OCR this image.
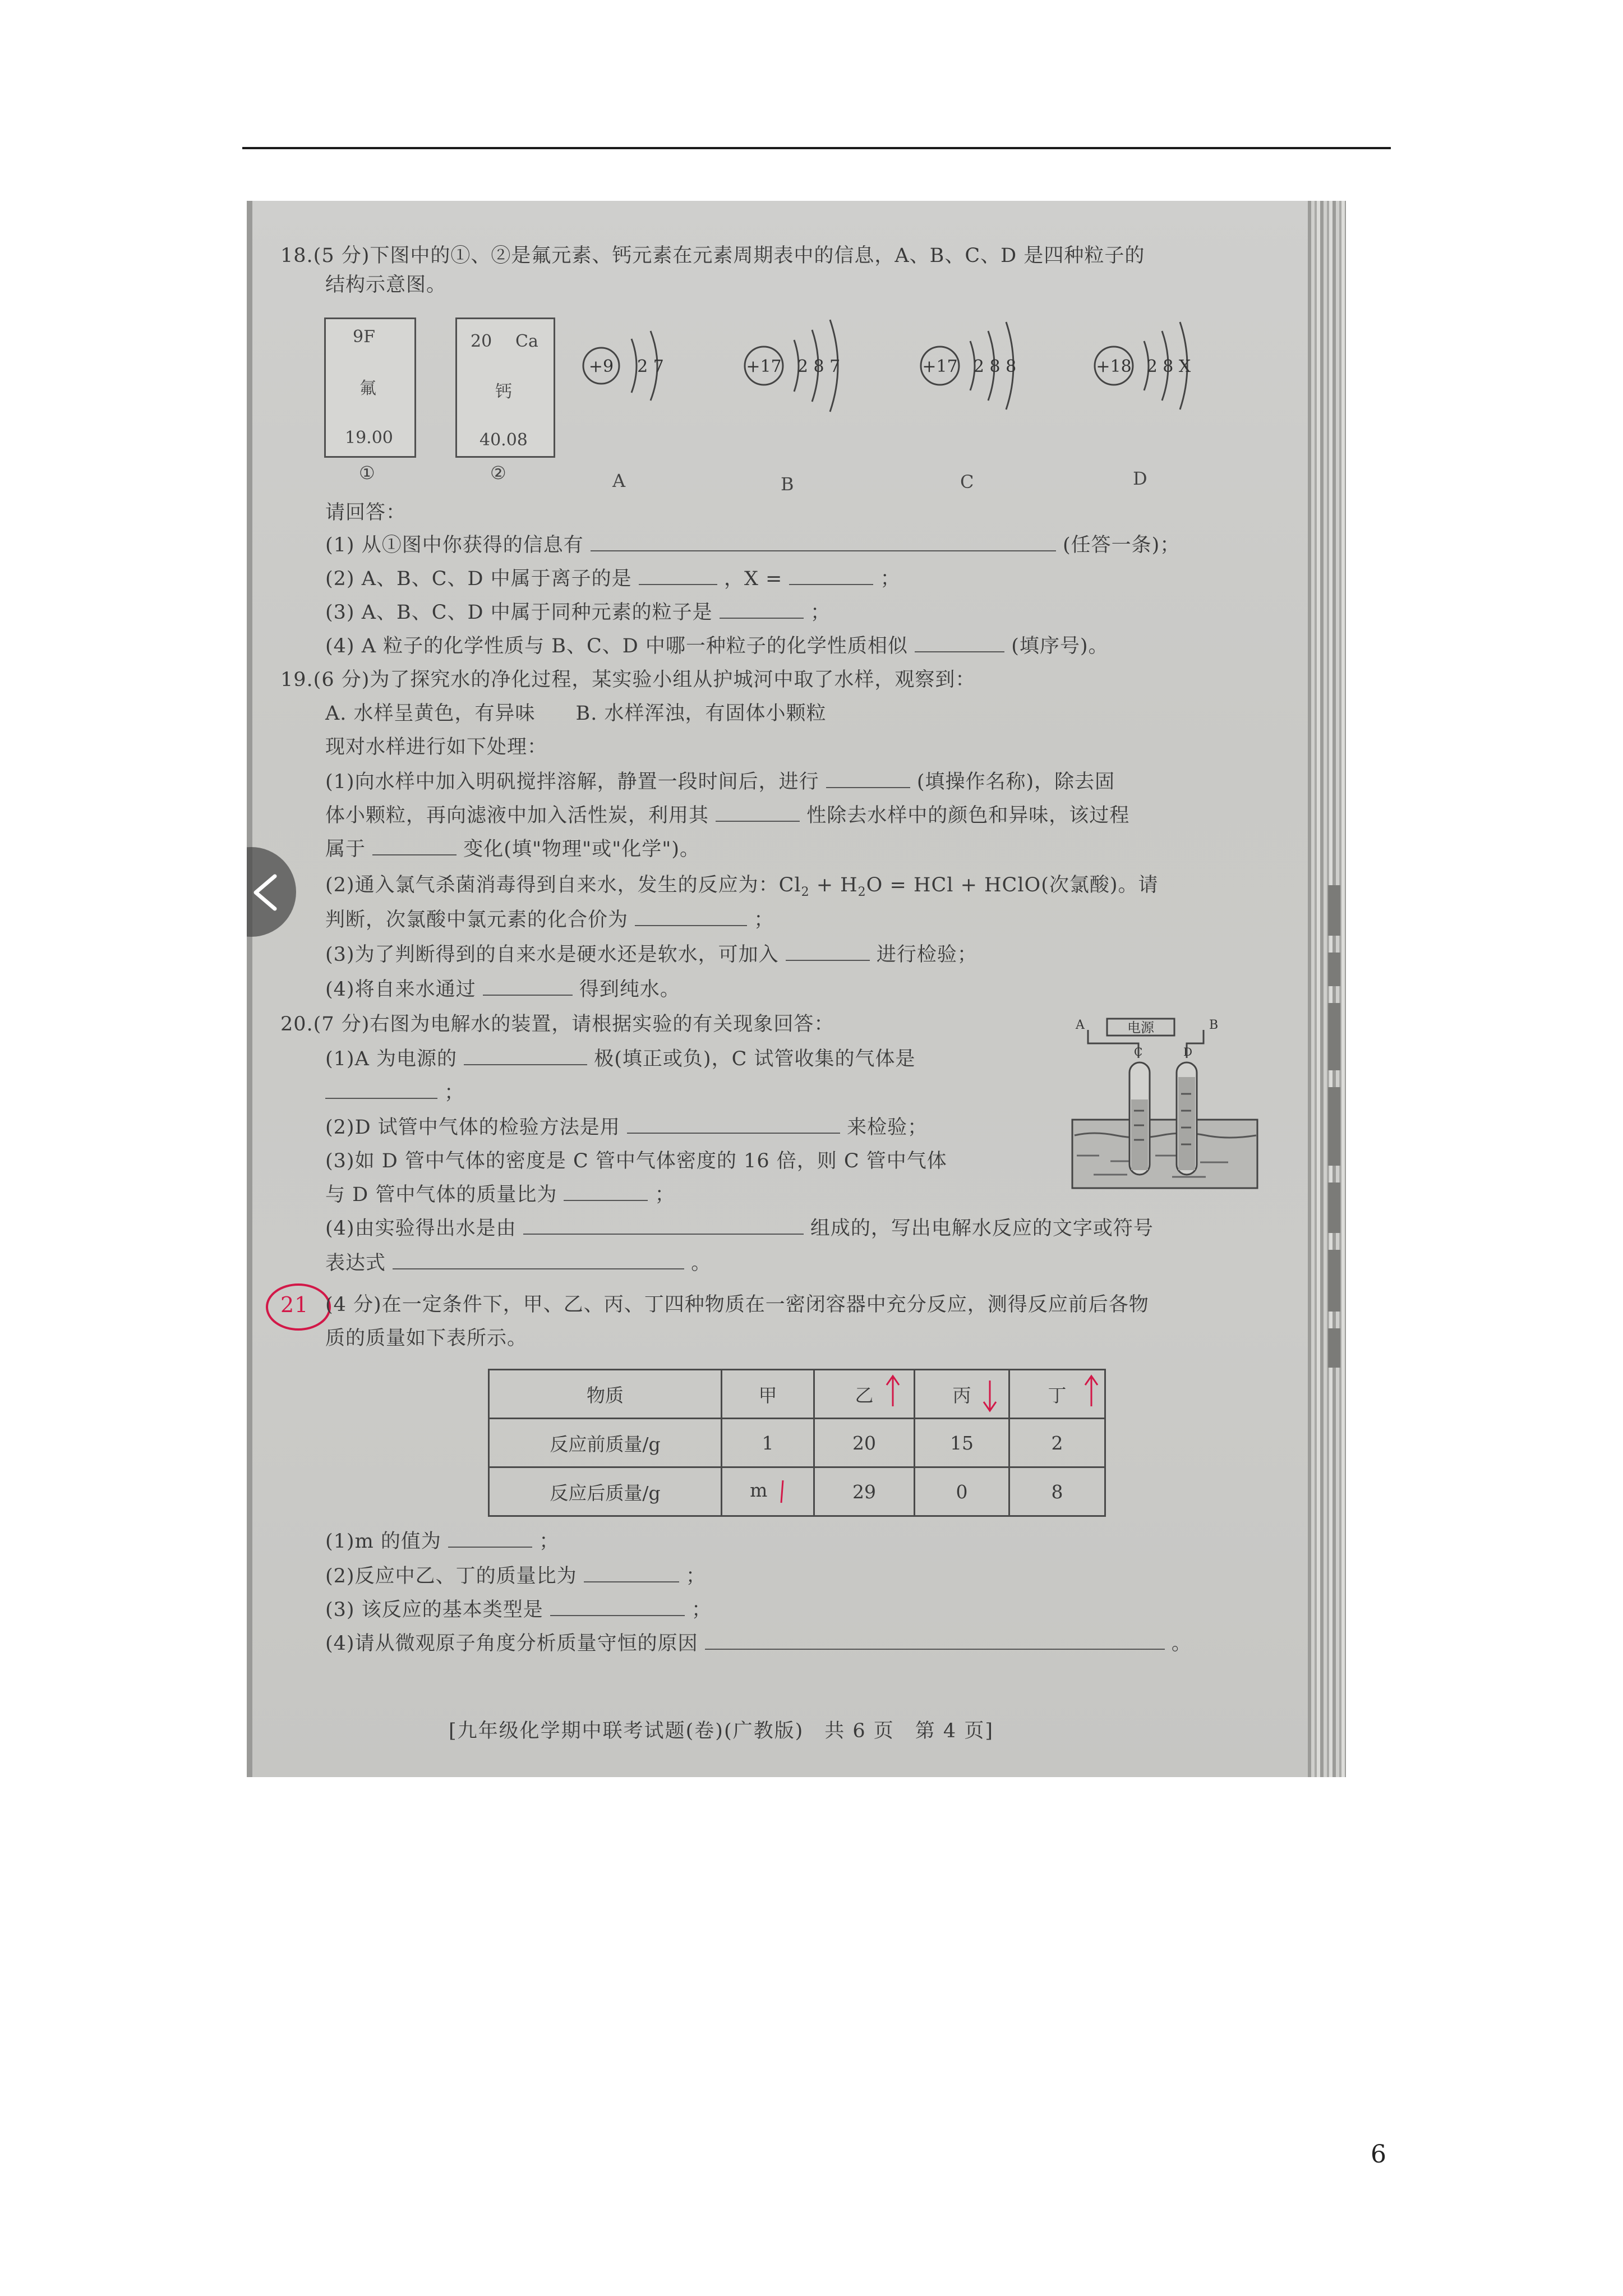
18.(5 分)下图中的①、②是氟元素、钙元素在元素周期表中的信息，A、B、C、D 是四种粒子的
结构示意图。
9F
氟
19.00
①
20 Ca
钙
40.08
②
+9 2 7
A
+17 2 8 7
B
+17 2 8 8
C
+18 2 8 X
D
请回答：
(1) 从①图中你获得的信息有	(任答一条)；
(2) A、B、C、D 中属于离子的是	，X =	；
(3) A、B、C、D 中属于同种元素的粒子是	；
(4) A 粒子的化学性质与 B、C、D 中哪一种粒子的化学性质相似	(填序号)。
19.(6 分)为了探究水的净化过程，某实验小组从护城河中取了水样，观察到：
A. 水样呈黄色，有异味　　B. 水样浑浊，有固体小颗粒
现对水样进行如下处理：
(1)向水样中加入明矾搅拌溶解，静置一段时间后，进行	(填操作名称)，除去固
体小颗粒，再向滤液中加入活性炭，利用其	性除去水样中的颜色和异味，该过程
属于	变化(填"物理"或"化学")。
(2)通入氯气杀菌消毒得到自来水，发生的反应为：$Cl_2 + H_2O$ = HCl + HClO(次氯酸)。请
判断，次氯酸中氯元素的化合价为	；
(3)为了判断得到的自来水是硬水还是软水，可加入	进行检验；
(4)将自来水通过	得到纯水。
20.(7 分)右图为电解水的装置，请根据实验的有关现象回答：
(1)A 为电源的	极(填正或负)，C 试管收集的气体是
；
(2)D 试管中气体的检验方法是用	来检验；
(3)如 D 管中气体的密度是 C 管中气体密度的 16 倍，则 C 管中气体
与 D 管中气体的质量比为	；
(4)由实验得出水是由	组成的，写出电解水反应的文字或符号
表达式	。
A	B
电源
C	D
21 (4 分)在一定条件下，甲、乙、丙、丁四种物质在一密闭容器中充分反应，测得反应前后各物
质的质量如下表所示。
物质	甲	乙	丙	丁

反应前质量/g	1	20	15	2
反应后质量/g	m	29	0	8
(1)m 的值为	；
(2)反应中乙、丁的质量比为	；
(3) 该反应的基本类型是	；
(4)请从微观原子角度分析质量守恒的原因	。
[九年级化学期中联考试题(卷)(广教版)　共 6 页　第 4 页]
6
